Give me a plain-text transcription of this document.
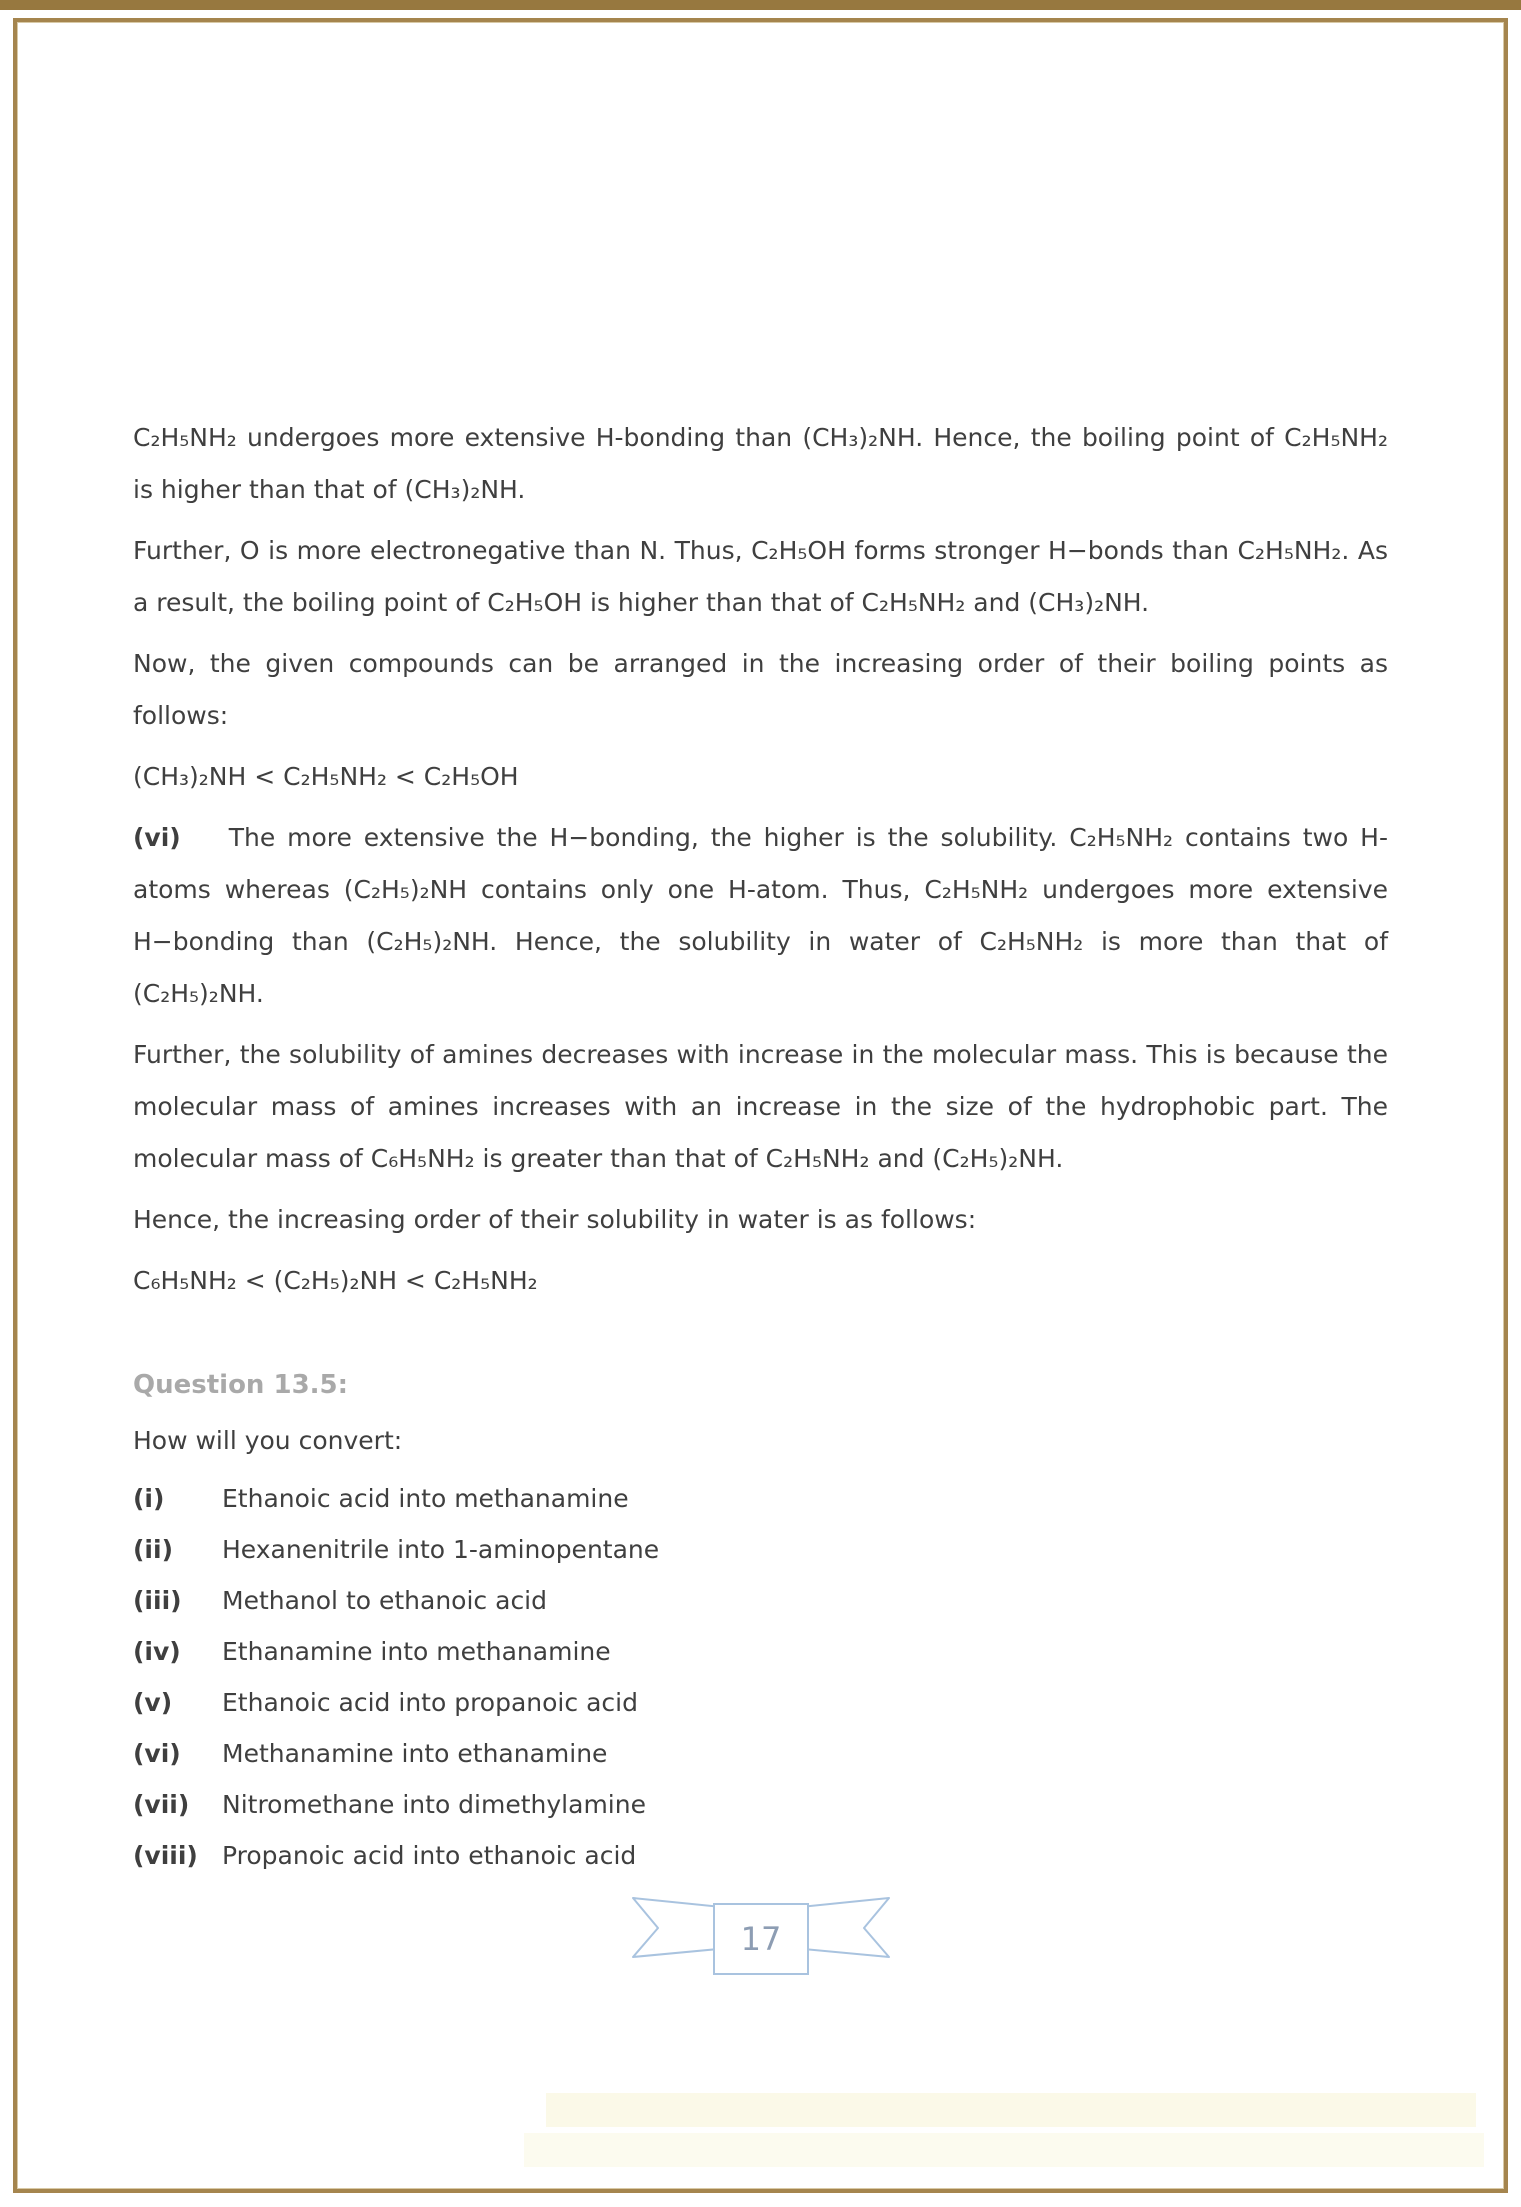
C₂H₅NH₂ undergoes more extensive H-bonding than (CH₃)₂NH. Hence, the boiling point of C₂H₅NH₂ is higher than that of (CH₃)₂NH.

Further, O is more electronegative than N. Thus, C₂H₅OH forms stronger H−bonds than C₂H₅NH₂. As a result, the boiling point of C₂H₅OH is higher than that of C₂H₅NH₂ and (CH₃)₂NH.

Now, the given compounds can be arranged in the increasing order of their boiling points as follows:

(CH₃)₂NH < C₂H₅NH₂ < C₂H₅OH

(vi) The more extensive the H−bonding, the higher is the solubility. C₂H₅NH₂ contains two H-atoms whereas (C₂H₅)₂NH contains only one H-atom. Thus, C₂H₅NH₂ undergoes more extensive H−bonding than (C₂H₅)₂NH. Hence, the solubility in water of C₂H₅NH₂ is more than that of (C₂H₅)₂NH.

Further, the solubility of amines decreases with increase in the molecular mass. This is because the molecular mass of amines increases with an increase in the size of the hydrophobic part. The molecular mass of C₆H₅NH₂ is greater than that of C₂H₅NH₂ and (C₂H₅)₂NH.

Hence, the increasing order of their solubility in water is as follows:

C₆H₅NH₂ < (C₂H₅)₂NH < C₂H₅NH₂

Question 13.5:

How will you convert:

(i)	Ethanoic acid into methanamine
(ii)	Hexanenitrile into 1-aminopentane
(iii)	Methanol to ethanoic acid
(iv)	Ethanamine into methanamine
(v)	Ethanoic acid into propanoic acid
(vi)	Methanamine into ethanamine
(vii)	Nitromethane into dimethylamine
(viii) Propanoic acid into ethanoic acid
17
